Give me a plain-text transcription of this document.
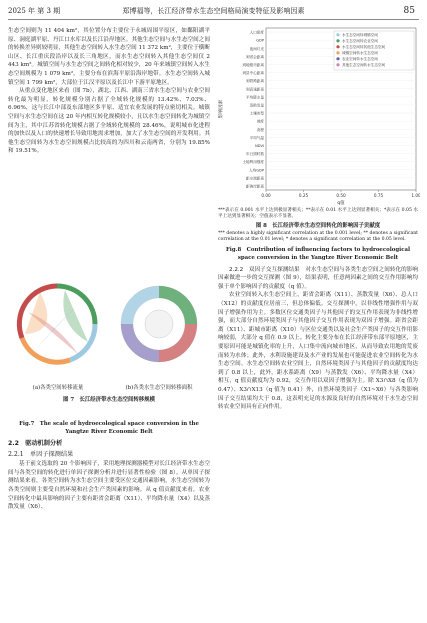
2025 年 第 3 期	郑博福等，长江经济带水生态空间格局演变特征及影响因素	85

生态空间则为 11 404 km²，其位置分布主要位于永城周围平原区，如鄱阳湖平原、洞庭湖平原、丹江口水库以及长江沿岸地区。其他生态空间与水生态空间之间的转换差异则较明显，其他生态空间转入水生态空间 11 372 km²，主要位于横断山区、长江重庆段沿岸以及长三角地区，而水生态空间转入其他生态空间仅 2 443 km²。城镇空间与水生态空间之间转化相对较少，20 年来城镇空间转入水生态空间规模为 1 079 km²，主要分布在滨海平原沿海岸地带。水生态空间转入城镇空间 1 799 km²，大部位于江汉平原以及长江中下游平原地区。

从重点变化地区来看（图 7b），湖北、江西、湖南三省水生态空间与农业空间转化最为明显，转化规模分别占据了全域转化规模的 13.42%、7.03%、6.96%，这与长江中部及东部地区多平原、适宜农业发展的特点密切相关。城镇空间与水生态空间在这 20 年内相互转化规模较小，且以水生态空间转化为城镇空间为主，其中江苏省转化规模占据了全域转化规模的 28.46%，说明城市化进程的加快以及人口的快速增长导致用地需求增加，加大了水生态空间的开发利用。其他生态空间转为水生态空间规模占比较高的为四川和云南两省，分别为 19.85% 和 19.51%。

(a)各类空间转移流量	(b)各类水生态空间转移面积
图 7　长江经济带水生态空间转移规模
Fig.7　The scale of hydroecological space conversion in the Yangtze River Economic Belt
2.2　驱动机制分析
2.2.1　单因子探测结果

基于前文选取的 20 个影响因子，采用地理探测器模型对长江经济带水生态空间与各类空间的转化进行单因子探测分析并进行显著性检验（图 8）。从单因子探测结果来看，各类空间转为水生态空间主要受区位交通因素影响，水生态空间转为各类空间则主要受自然环境和社会生产类因素的影响。从 q 值贡献度来看，农业空间转化中最具影响的因子主要有距省会距离（X11）、平均降水量（X4）以及蒸散发量（X6）、

人口密度
GDP
夜间灯光
到省会距离
到地级市距离
到县中心距离
到铁路距离
到高速距离
平均降水量
蒸散发量
土壤类型
坡度
高程
平均气温
NDVI
年日照时数
土地利用强度
人均GDP
距水源距离
距海岸距离
0.00	0.25	0.50	0.75	1.00
q值
影响因素
水生态空间转城镇空间
水生态空间转农业空间
水生态空间转其他生态空间
城镇空间转水生态空间
农业空间转水生态空间
其他生态空间转水生态空间
***表示在 0.001 水平上达到极显著相关；**表示在 0.01 水平上达到显著相关；*表示在 0.05 水平上达到显著相关；空值表示不显著。
图 8　长江经济带水生态空间转化的影响因子贡献度
*** denotes a highly significant correlation at the 0.001 level; ** denotes a significant correlation at the 0.01 level; * denotes a significant correlation at the 0.05 level.
Fig.8　Contribution of influencing factors to hydroecological space conversion in the Yangtze River Economic Belt

2.2.2　双因子交互探测结果　 对水生态空间与各类生态空间之间转化的影响因素做进一步的交互探测（图 9），结果表明，任意两因素之间的交互作用影响均强于单个影响因子的贡献度（q 值）。

农业空间转入水生态空间上，距省会距离（X11）、蒸散发量（X6）、总人口（X12）的贡献度位居前三，但总体偏低。交互探测中，以非线性增强作用与双因子增强作用为主。多数区位交通类因子与其他因子的交互作用表现为非线性增强，而大部分自然环境类因子与其他因子交互作用表现为双因子增强。距省会距离（X11）、距城市距离（X10）与区位交通类以及社会生产类因子的交互作用影响较弱，大部分 q 值在 0.9 以上。转化主要分布在长江经济带东部平原地区，主要原因可能是城镇化率的上升，人口集中流向城市地区，从而导致农用地的荒废而转为水体；此外，水利设施建设及水产业的发展也可能促进农业空间转化为水生态空间。水生态空间转农业空间上，自然环境类因子与其他因子的贡献度均达到了 0.8 以上，此外，距水系距离（X9）与蒸散发（X6）、平均降水量（X4）相互，q 值贡献度均为 0.92，交互作用以双因子增强为主。除 X3∩X8（q 值为 0.47）、X3∩X13（q 值为 0.41）外，自然环境类因子（X1~X6）与各类影响因子交互结果均大于 0.8，这表明充足的水源及良好的自然环境对于水生态空间转农业空间具有正向作用。
